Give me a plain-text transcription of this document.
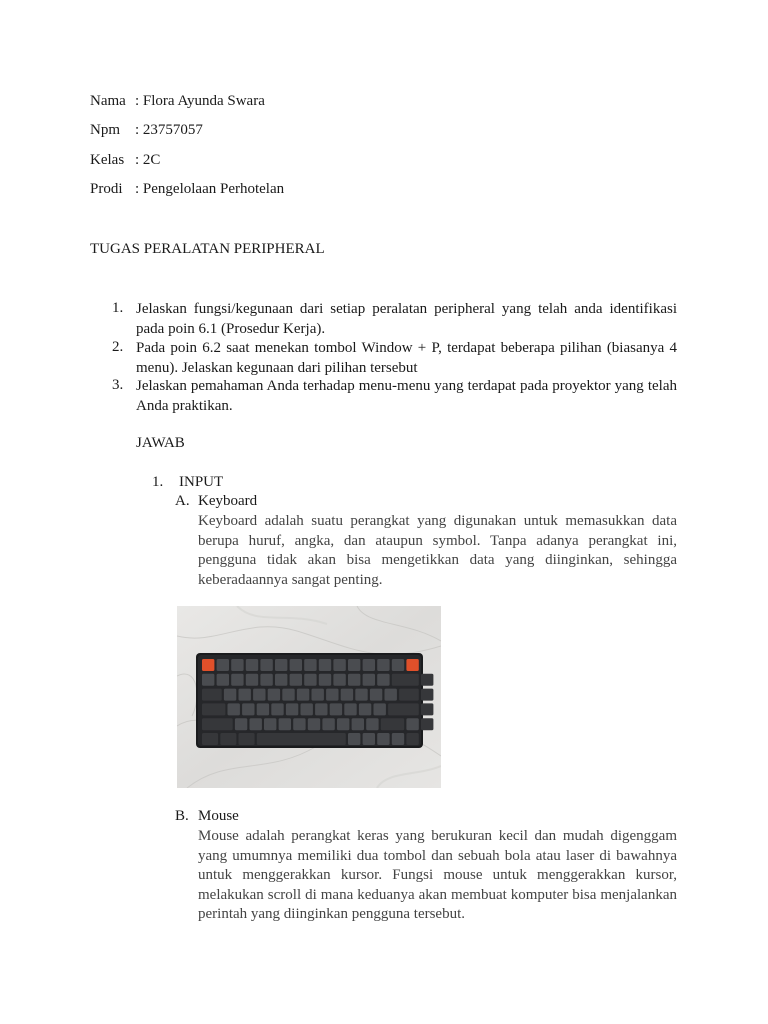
Nama : Flora Ayunda Swara
Npm : 23757057
Kelas : 2C
Prodi : Pengelolaan Perhotelan
TUGAS PERALATAN PERIPHERAL
1. Jelaskan fungsi/kegunaan dari setiap peralatan peripheral yang telah anda identifikasi pada poin 6.1 (Prosedur Kerja).
2. Pada poin 6.2 saat menekan tombol Window + P, terdapat beberapa pilihan (biasanya 4 menu). Jelaskan kegunaan dari pilihan tersebut
3. Jelaskan pemahaman Anda terhadap menu-menu yang terdapat pada proyektor yang telah Anda praktikan.
JAWAB
1. INPUT
A. Keyboard
Keyboard adalah suatu perangkat yang digunakan untuk memasukkan data berupa huruf, angka, dan ataupun symbol. Tanpa adanya perangkat ini, pengguna tidak akan bisa mengetikkan data yang diinginkan, sehingga keberadaannya sangat penting.
B. Mouse
Mouse adalah perangkat keras yang berukuran kecil dan mudah digenggam yang umumnya memiliki dua tombol dan sebuah bola atau laser di bawahnya untuk menggerakkan kursor. Fungsi mouse untuk menggerakkan kursor, melakukan scroll di mana keduanya akan membuat komputer bisa menjalankan perintah yang diinginkan pengguna tersebut.
